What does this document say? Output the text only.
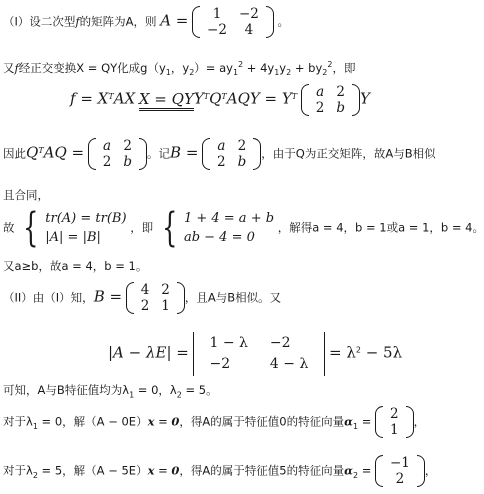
（I）设二次型f的矩阵为A，则 A = 1	−2
−2	4
。
又f经正交变换X = QY化成$g(y_1$，$y_2)= ay_1^2 + 4y_1y_2 + by_2^2$，即
$f = X^TAX$ $X = QYY^TQ^TAQY = Y^T$ a	2
2	b
Y
因此$Q^TAQ = a$	2
2	b
。记B = a	2
2	b
，由于Q为正交矩阵，故A与B相似
且合同，
故 { tr(A) = tr(B)
|A| = |B| ，即 { 1 + 4 = a + b
ab − 4 = 0 ，解得a = 4，b = 1或a = 1，b = 4。
又a≥b，故a = 4，b = 1。
（II）由（I）知，B = 4	2
2	1
，且A与B相似。又
|A − λE| =
1 − λ	−2
−2	4 − λ
= $\lambda^2 - 5\lambda$
可知，A与B特征值均为$\lambda_1 = 0$，$\lambda_2 = 5$。
对于$\lambda_1 = 0$，解（A − 0E）x = 0，得A的属于特征值0的特征向量$\alpha_1 = 2$
1
，
对于$\lambda_2 = 5$，解（A − 5E）x = 0，得A的属于特征值5的特征向量$\alpha_2 = -1$
2
，
